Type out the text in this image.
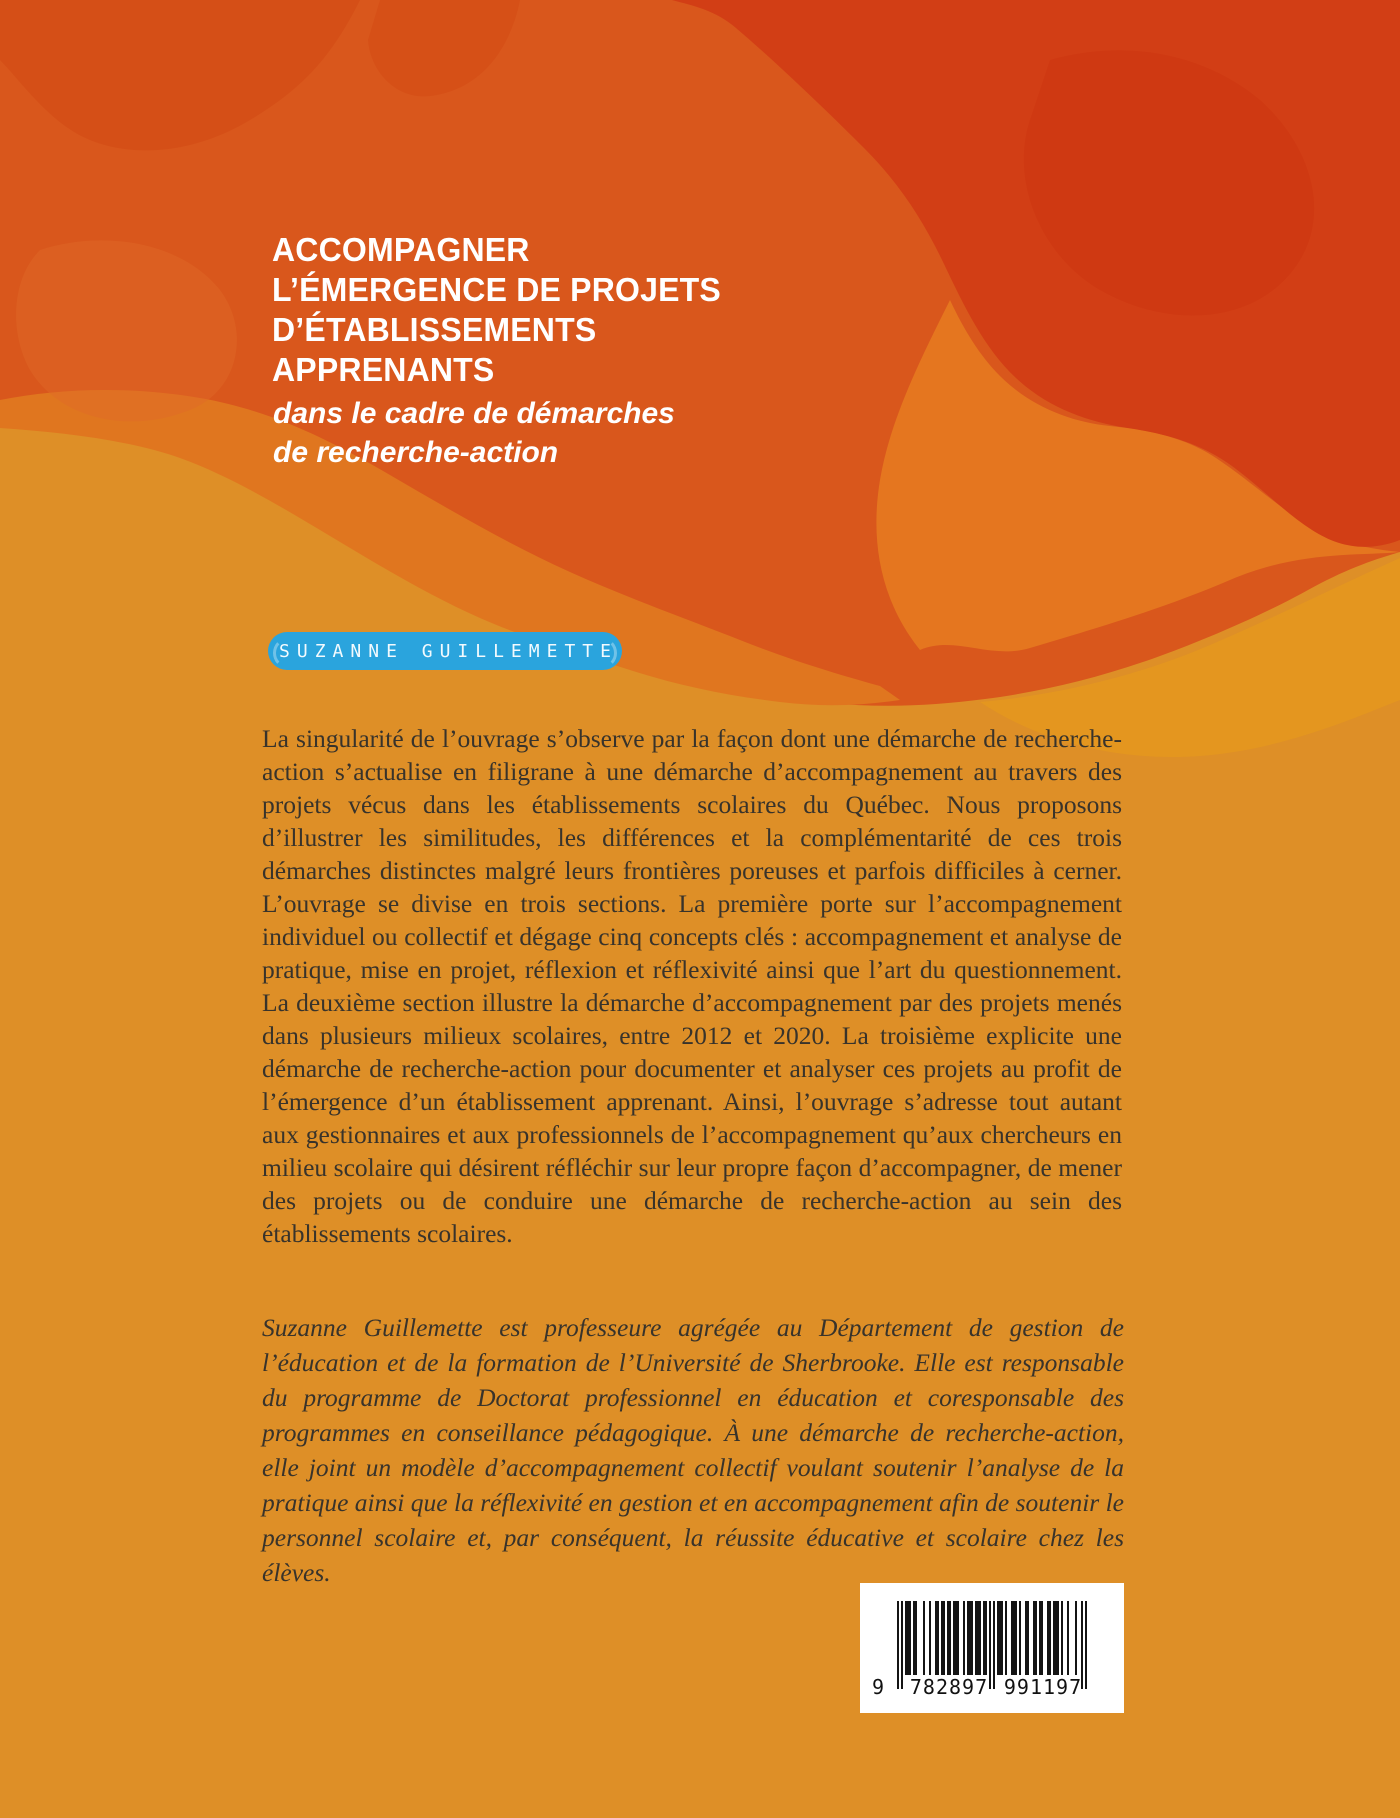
ACCOMPAGNER
L’ÉMERGENCE DE PROJETS
D’ÉTABLISSEMENTS
APPRENANTS
dans le cadre de démarches
de recherche-action
SUZANNE GUILLEMETTE

La singularité de l’ouvrage s’observe par la façon dont une démarche de recherche-action s’actualise en filigrane à une démarche d’accompagnement au travers des projets vécus dans les établissements scolaires du Québec. Nous proposons d’illustrer les similitudes, les différences et la complémentarité de ces trois démarches distinctes malgré leurs frontières poreuses et parfois difficiles à cerner. L’ouvrage se divise en trois sections. La première porte sur l’accompagnement individuel ou collectif et dégage cinq concepts clés : accompagnement et analyse de pratique, mise en projet, réflexion et réflexivité ainsi que l’art du questionnement. La deuxième section illustre la démarche d’accompagnement par des projets menés dans plusieurs milieux scolaires, entre 2012 et 2020. La troisième explicite une démarche de recherche-action pour documenter et analyser ces projets au profit de l’émergence d’un établissement apprenant. Ainsi, l’ouvrage s’adresse tout autant aux gestionnaires et aux professionnels de l’accompagnement qu’aux chercheurs en milieu scolaire qui désirent réfléchir sur leur propre façon d’accompagner, de mener des projets ou de conduire une démarche de recherche-action au sein des établissements scolaires.

Suzanne Guillemette est professeure agrégée au Département de gestion de l’éducation et de la formation de l’Université de Sherbrooke. Elle est responsable du programme de Doctorat professionnel en éducation et coresponsable des programmes en conseillance pédagogique. À une démarche de recherche-action, elle joint un modèle d’accompagnement collectif voulant soutenir l’analyse de la pratique ainsi que la réflexivité en gestion et en accompagnement afin de soutenir le personnel scolaire et, par conséquent, la réussite éducative et scolaire chez les élèves.

9 782897 991197
